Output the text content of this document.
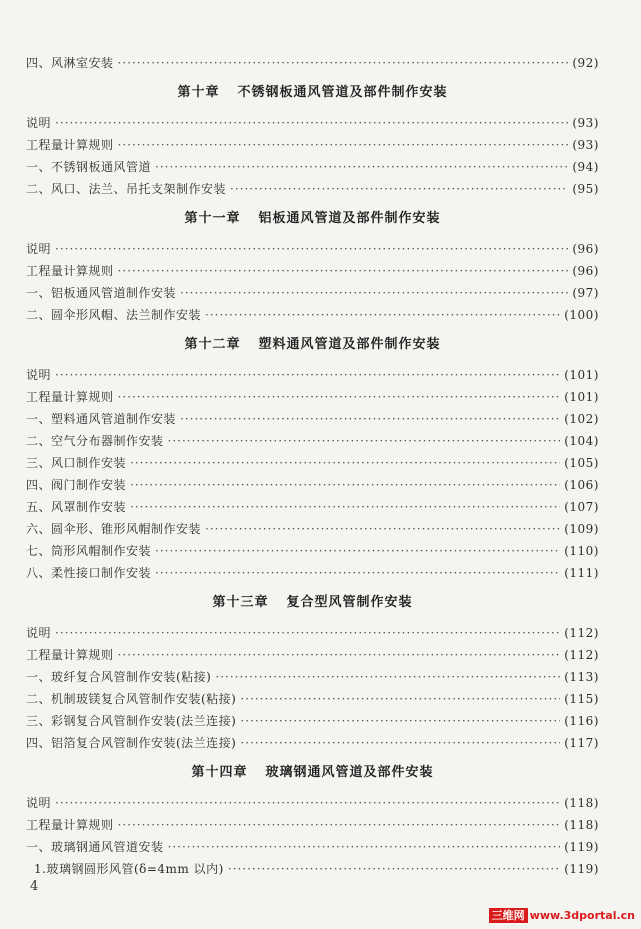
四、风淋室安装 ·····	(92)
第十章 不锈钢板通风管道及部件制作安装
说明 ·····	(93)
工程量计算规则 ·····	(93)
一、不锈钢板通风管道 ·····	(94)
二、风口、法兰、吊托支架制作安装 ·····	(95)
第十一章 铝板通风管道及部件制作安装
说明 ·····	(96)
工程量计算规则 ·····	(96)
一、铝板通风管道制作安装 ·····	(97)
二、圆伞形风帽、法兰制作安装 ·····	(100)
第十二章 塑料通风管道及部件制作安装
说明 ·····	(101)
工程量计算规则 ·····	(101)
一、塑料通风管道制作安装 ·····	(102)
二、空气分布器制作安装 ·····	(104)
三、风口制作安装 ·····	(105)
四、阀门制作安装 ·····	(106)
五、风罩制作安装 ·····	(107)
六、圆伞形、锥形风帽制作安装 ·····	(109)
七、筒形风帽制作安装 ·····	(110)
八、柔性接口制作安装 ·····	(111)
第十三章 复合型风管制作安装
说明 ·····	(112)
工程量计算规则 ·····	(112)
一、玻纤复合风管制作安装(粘接) ·····	(113)
二、机制玻镁复合风管制作安装(粘接) ·····	(115)
三、彩钢复合风管制作安装(法兰连接) ·····	(116)
四、铝箔复合风管制作安装(法兰连接) ·····	(117)
第十四章 玻璃钢通风管道及部件安装
说明 ·····	(118)
工程量计算规则 ·····	(118)
一、玻璃钢通风管道安装 ·····	(119)
1.玻璃钢圆形风管(δ=4mm 以内) ·····	(119)
4
三维网 www.3dportal.cn
